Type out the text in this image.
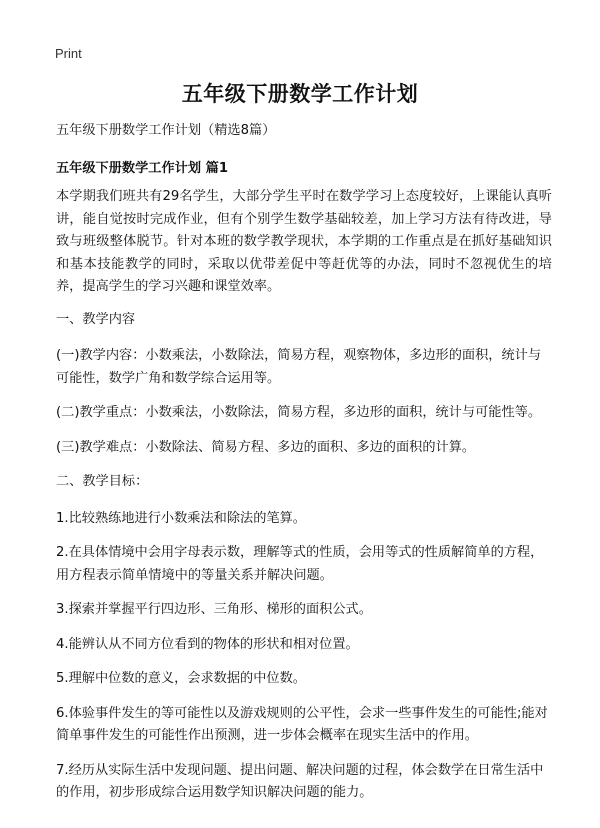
Print
五年级下册数学工作计划

五年级下册数学工作计划（精选8篇）

五年级下册数学工作计划 篇1

本学期我们班共有29名学生，大部分学生平时在数学学习上态度较好，上课能认真听讲，能自觉按时完成作业，但有个别学生数学基础较差，加上学习方法有待改进，导致与班级整体脱节。针对本班的数学教学现状，本学期的工作重点是在抓好基础知识和基本技能教学的同时，采取以优带差促中等赶优等的办法，同时不忽视优生的培养，提高学生的学习兴趣和课堂效率。

一、教学内容

(一)教学内容：小数乘法，小数除法，简易方程，观察物体，多边形的面积，统计与可能性，数学广角和数学综合运用等。

(二)教学重点：小数乘法，小数除法，简易方程，多边形的面积，统计与可能性等。

(三)教学难点：小数除法、简易方程、多边的面积、多边的面积的计算。

二、教学目标：

1.比较熟练地进行小数乘法和除法的笔算。

2.在具体情境中会用字母表示数，理解等式的性质，会用等式的性质解简单的方程，用方程表示简单情境中的等量关系并解决问题。

3.探索并掌握平行四边形、三角形、梯形的面积公式。

4.能辨认从不同方位看到的物体的形状和相对位置。

5.理解中位数的意义，会求数据的中位数。

6.体验事件发生的等可能性以及游戏规则的公平性，会求一些事件发生的可能性;能对简单事件发生的可能性作出预测，进一步体会概率在现实生活中的作用。

7.经历从实际生活中发现问题、提出问题、解决问题的过程，体会数学在日常生活中的作用，初步形成综合运用数学知识解决问题的能力。
